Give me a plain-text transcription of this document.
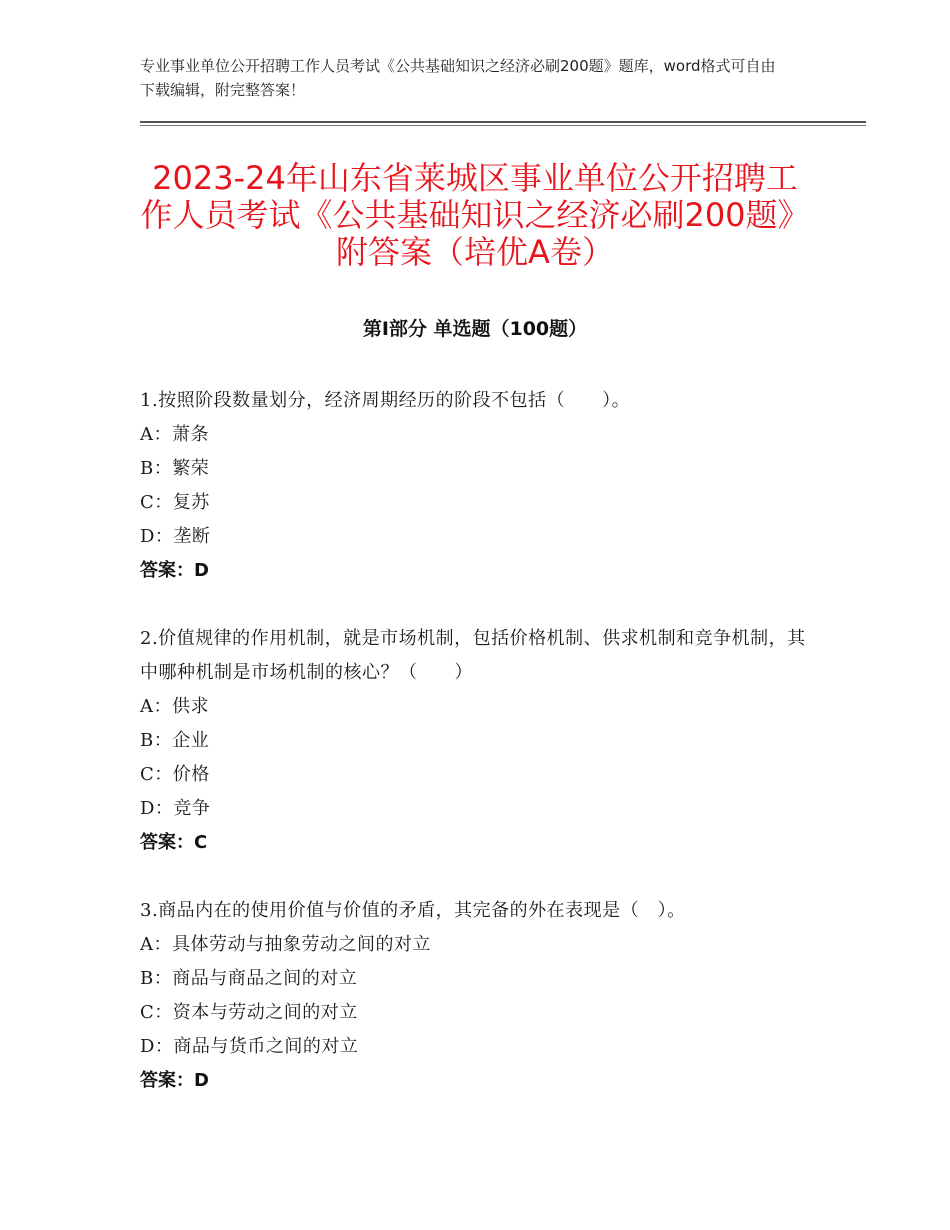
专业事业单位公开招聘工作人员考试《公共基础知识之经济必刷200题》题库，word格式可自由下载编辑，附完整答案！
2023-24年山东省莱城区事业单位公开招聘工作人员考试《公共基础知识之经济必刷200题》附答案（培优A卷）
第Ⅰ部分 单选题（100题）
1.按照阶段数量划分，经济周期经历的阶段不包括（　　）。
A：萧条
B：繁荣
C：复苏
D：垄断
答案：D
2.价值规律的作用机制，就是市场机制，包括价格机制、供求机制和竞争机制，其中哪种机制是市场机制的核心？（　　）
A：供求
B：企业
C：价格
D：竞争
答案：C
3.商品内在的使用价值与价值的矛盾，其完备的外在表现是（　）。
A：具体劳动与抽象劳动之间的对立
B：商品与商品之间的对立
C：资本与劳动之间的对立
D：商品与货币之间的对立
答案：D
